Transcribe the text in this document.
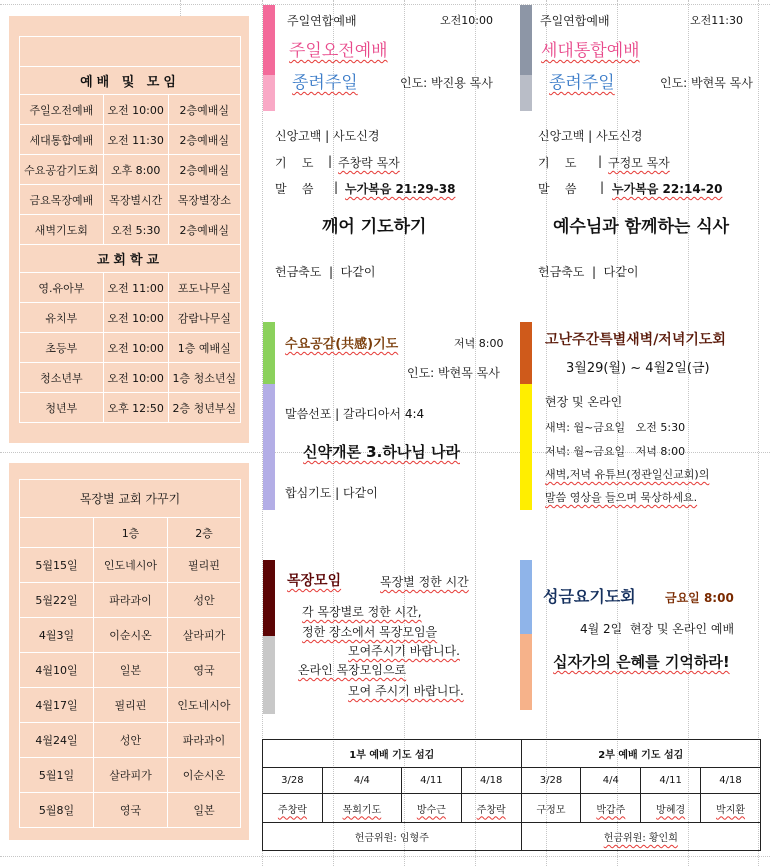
예배 및 모임		
주일오전예배	오전 10:00	2층예배실
세대통합예배	오전 11:30	2층예배실
수요공감기도회	오후 8:00	2층예배실
금요목장예배	목장별시간	목장별장소
새벽기도회	오전 5:30	2층예배실
교회학교		
영.유아부	오전 11:00	포도나무실
유치부	오전 10:00	감람나무실
초등부	오전 10:00	1층 예배실
청소년부	오전 10:00	1층 청소년실
청년부	오후 12:50	2층 청년부실
목장별 교회 가꾸기		
	1층	2층
5월15일	인도네시아	필리핀
5월22일	파라과이	성안
4월3일	이순시온	살라피가
4월10일	일본	영국
4월17일	필리핀	인도네시아
4월24일	성안	파라과이
5월1일	살라피가	이순시온
5월8일	영국	일본
주일연합예배	오전10:00
주일오전예배
종려주일	인도: 박진용 목사
신앙고백 | 사도신경
기    도 | 주창락 목자
말    씀 | 누가복음 21:29-38
깨어 기도하기
헌금축도  |  다같이
주일연합예배	오전11:30
세대통합예배
종려주일	인도: 박현목 목사
신앙고백 | 사도신경
기    도 | 구정모 목자
말    씀 | 누가복음 22:14-20
예수님과 함께하는 식사
헌금축도  |  다같이
수요공감(共感)기도	저녁 8:00
인도: 박현목 목사
말씀선포 | 갈라디아서 4:4
신약개론 3.하나님 나라
합심기도 | 다같이
고난주간특별새벽/저녁기도회
3월29(월) ~ 4월2일(금)
현장 및 온라인
새벽: 월~금요일   오전 5:30
저녁: 월~금요일   저녁 8:00
새벽,저녁 유튜브(정관일신교회)의
말씀 영상을 들으며 묵상하세요.
목장모임	목장별 정한 시간
각 목장별로 정한 시간,
정한 장소에서 목장모임을
모여주시기 바랍니다.
온라인 목장모임으로
모여 주시기 바랍니다.
성금요기도회 금요일 8:00
4월 2일  현장 및 온라인 예배
십자가의 은혜를 기억하라!
1부 예배 기도 섬김				2부 예배 기도 섬김			
3/28	4/4	4/11	4/18	3/28	4/4	4/11	4/18
주창락	목회기도	방수근	주창락	구정모	박갑주	방혜경	박지환
헌금위원: 임형주				헌금위원: 황인희			
